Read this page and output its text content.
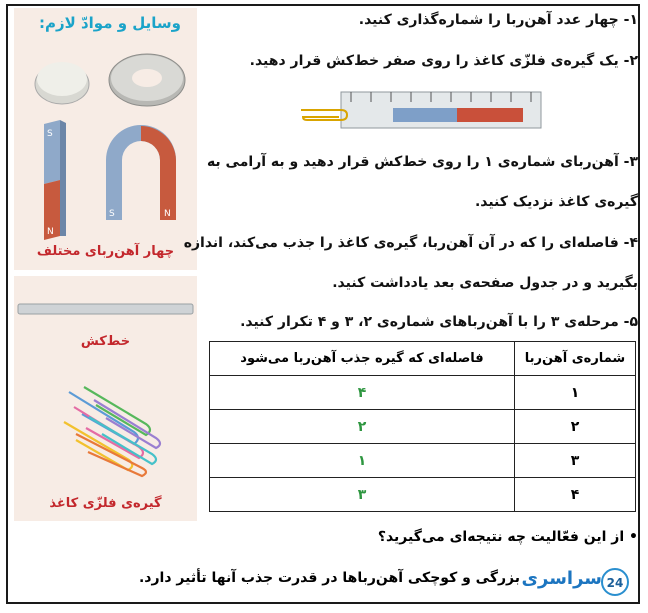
وسایل و موادّ لازم:
S
N
S	N
چهار آهن‌ربای مختلف
خط‌کش
گیره‌ی فلزّی کاغذ
۱- چهار عدد آهن‌ربا را شماره‌گذاری کنید.
۲- یک گیره‌ی فلزّی کاغذ را روی صفر خط‌کش قرار دهید.
۳- آهن‌ربای شماره‌ی ۱ را روی خط‌کش قرار دهید و به آرامی به
گیره‌ی کاغذ نزدیک کنید.
۴- فاصله‌ای را که در آن آهن‌ربا، گیره‌ی کاغذ را جذب می‌کند، اندازه
بگیرید و در جدول صفحه‌ی بعد یادداشت کنید.
۵- مرحله‌ی ۳ را با آهن‌رباهای شماره‌ی ۲، ۳ و ۴ تکرار کنید.
شماره‌ی آهن‌ربا	فاصله‌ای که گیره جذب آهن‌ربا می‌شود
۱	۴
۲	۲
۳	۱
۴	۳
• از این فعّالیت چه نتیجه‌ای می‌گیرید؟
بزرگی و کوچکی آهن‌رباها در قدرت جذب آنها تأثیر دارد.	24
سراسری
